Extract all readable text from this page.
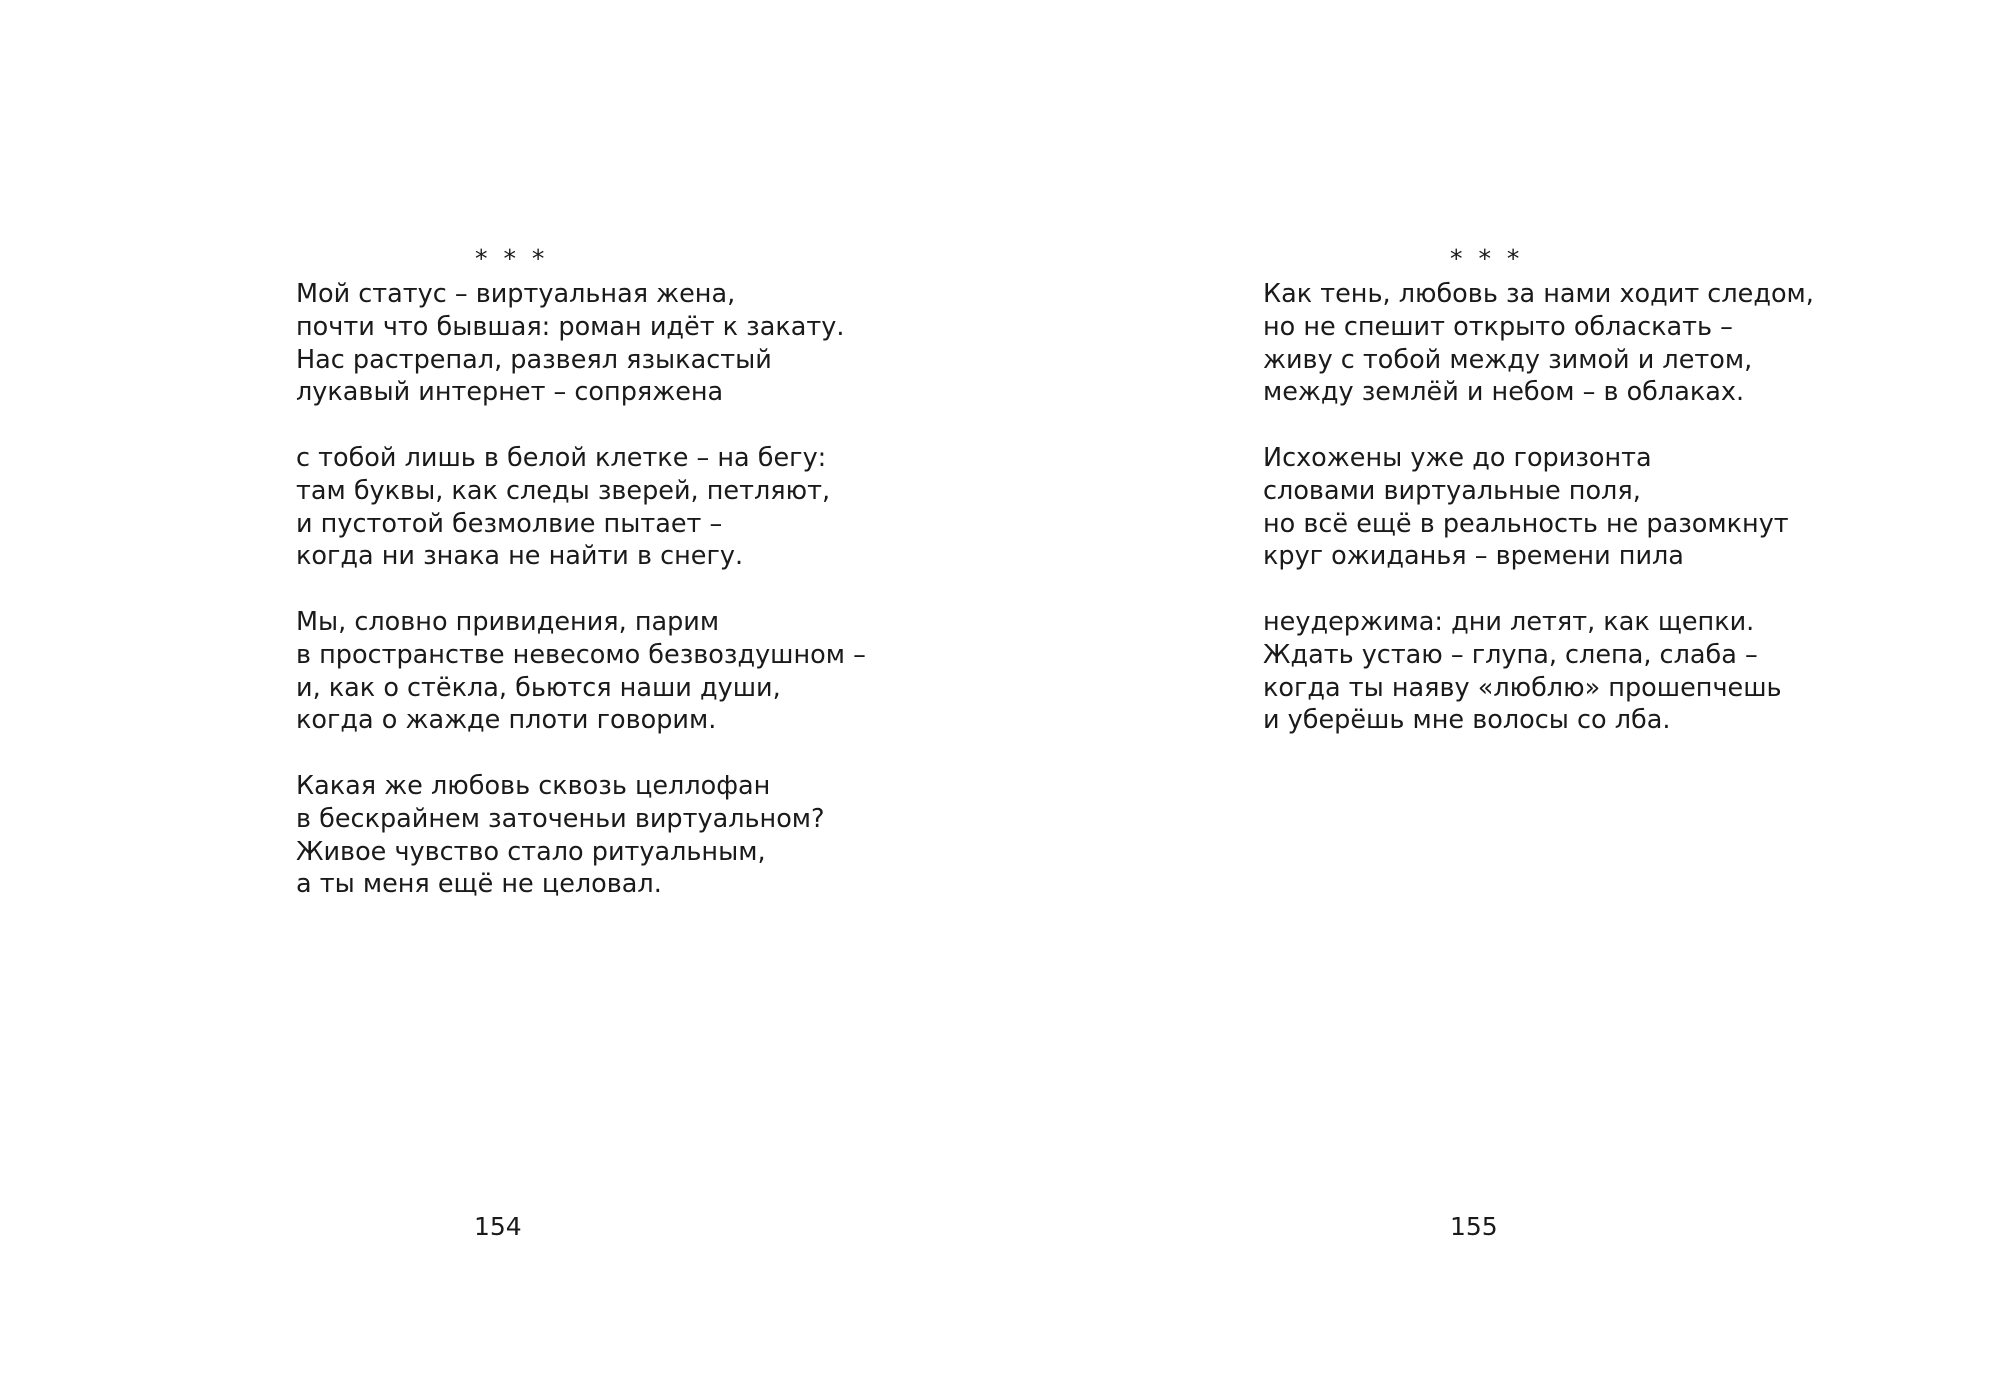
* * *
Мой статус – виртуальная жена,
почти что бывшая: роман идёт к закату.
Нас растрепал, развеял языкастый
лукавый интернет – сопряжена
с тобой лишь в белой клетке – на бегу:
там буквы, как следы зверей, петляют,
и пустотой безмолвие пытает –
когда ни знака не найти в снегу.
Мы, словно привидения, парим
в пространстве невесомо безвоздушном –
и, как о стёкла, бьются наши души,
когда о жажде плоти говорим.
Какая же любовь сквозь целлофан
в бескрайнем заточеньи виртуальном?
Живое чувство стало ритуальным,
а ты меня ещё не целовал.
154
* * *
Как тень, любовь за нами ходит следом,
но не спешит открыто обласкать –
живу с тобой между зимой и летом,
между землёй и небом – в облаках.
Исхожены уже до горизонта
словами виртуальные поля,
но всё ещё в реальность не разомкнут
круг ожиданья – времени пила
неудержима: дни летят, как щепки.
Ждать устаю – глупа, слепа, слаба –
когда ты наяву «люблю» прошепчешь
и уберёшь мне волосы со лба.
155
